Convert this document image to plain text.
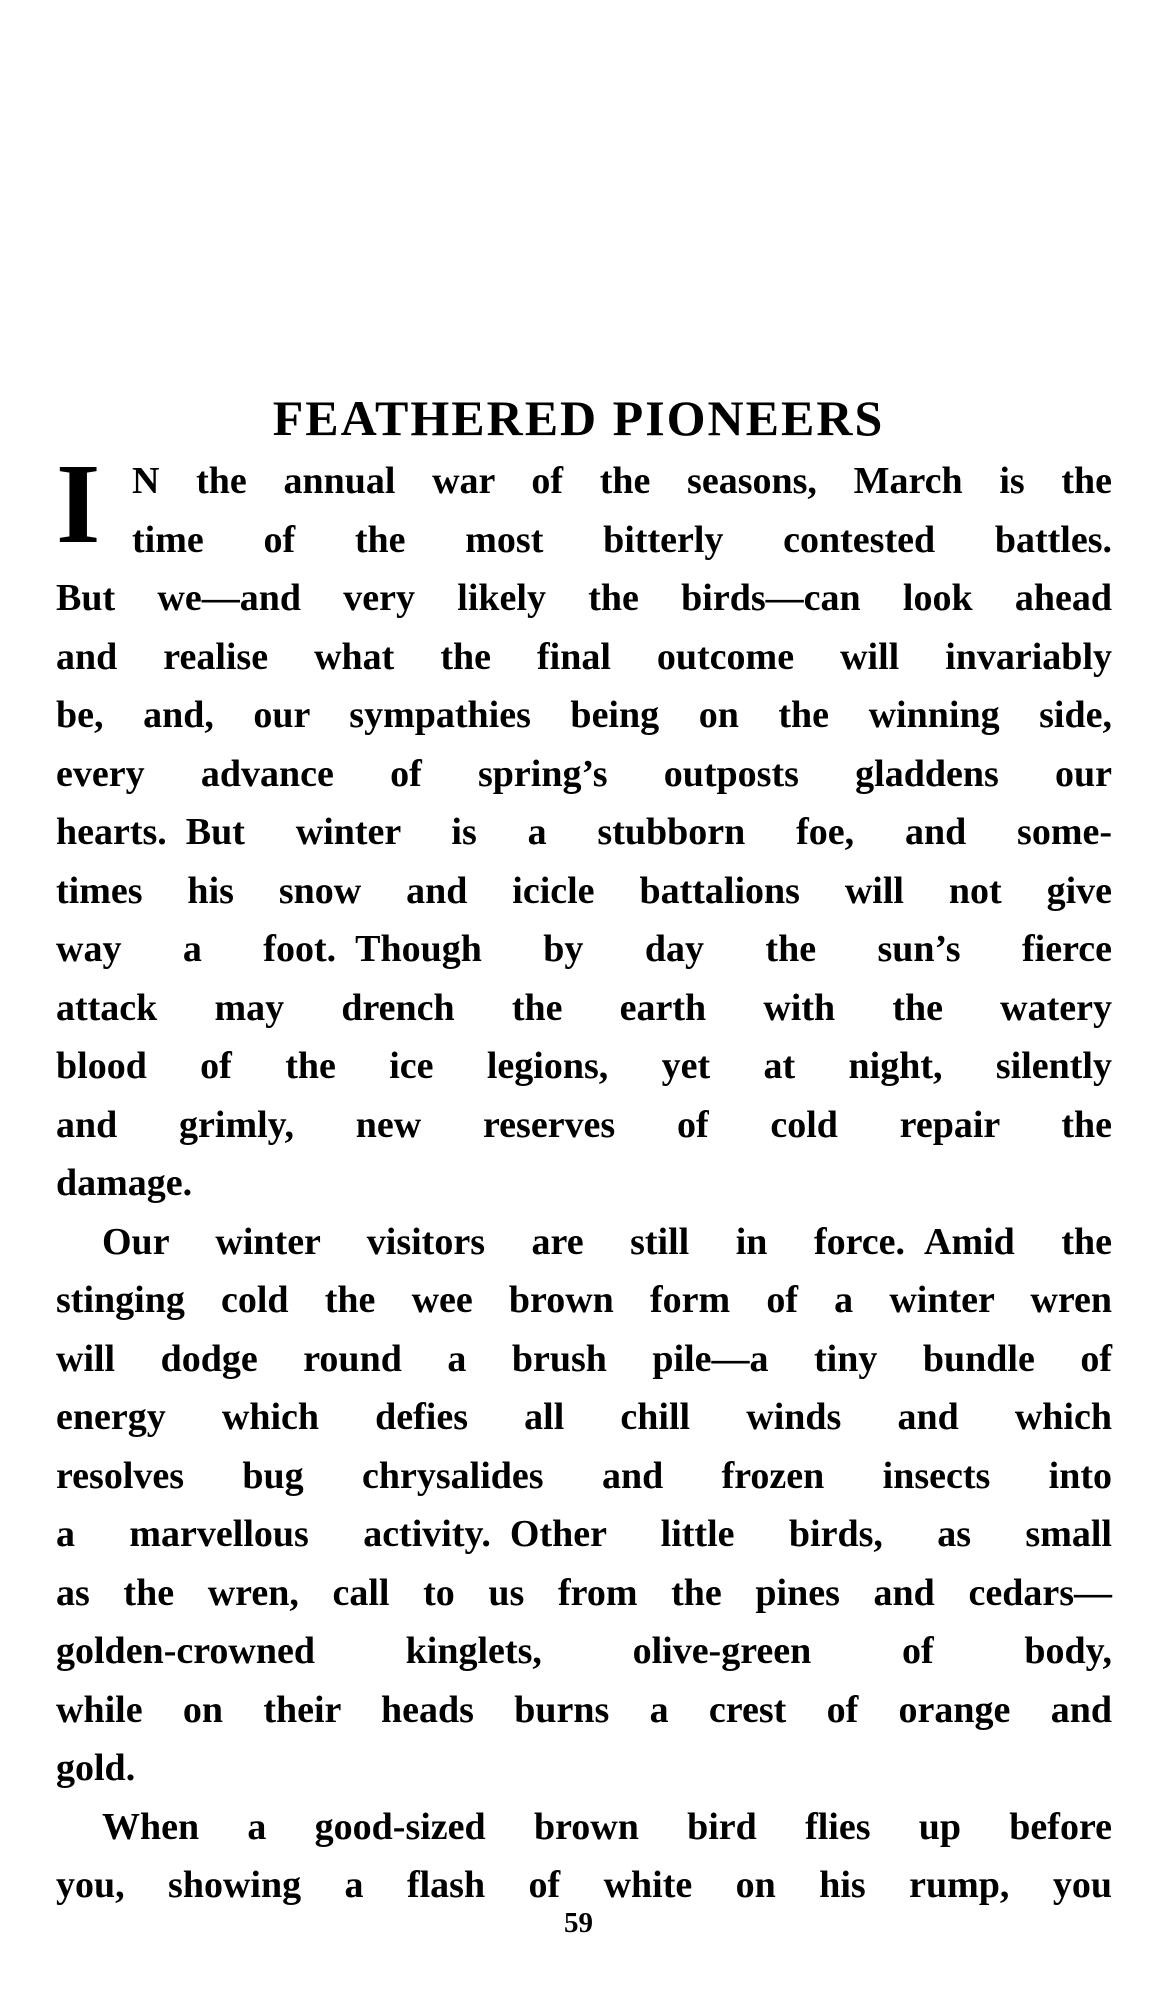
FEATHERED PIONEERS
I N the annual war of the seasons, March is the
time of the most bitterly contested battles.
But we—and very likely the birds—can look ahead
and realise what the final outcome will invariably
be, and, our sympathies being on the winning side,
every advance of spring’s outposts gladdens our
hearts. But winter is a stubborn foe, and some-
times his snow and icicle battalions will not give
way a foot. Though by day the sun’s fierce
attack may drench the earth with the watery
blood of the ice legions, yet at night, silently
and grimly, new reserves of cold repair the
damage.
Our winter visitors are still in force. Amid the
stinging cold the wee brown form of a winter wren
will dodge round a brush pile—a tiny bundle of
energy which defies all chill winds and which
resolves bug chrysalides and frozen insects into
a marvellous activity. Other little birds, as small
as the wren, call to us from the pines and cedars—
golden-crowned kinglets, olive-green of body,
while on their heads burns a crest of orange and
gold.
When a good-sized brown bird flies up before
you, showing a flash of white on his rump, you
59
